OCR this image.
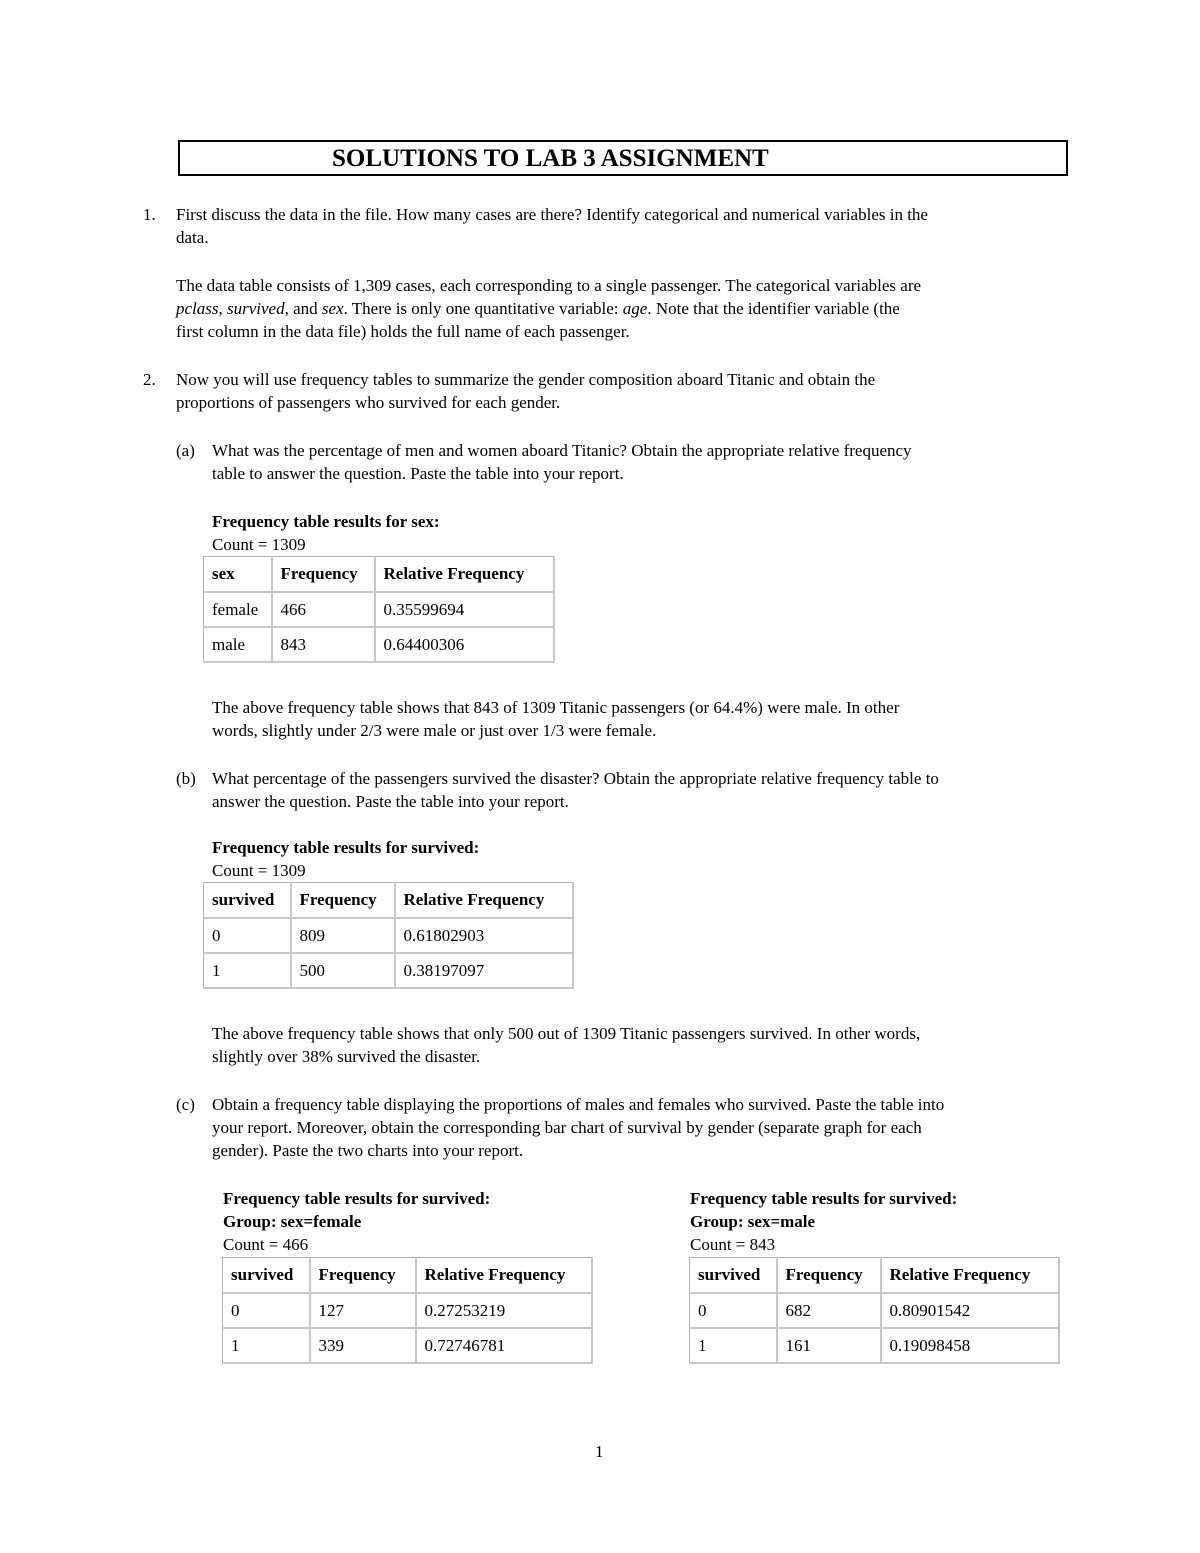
SOLUTIONS TO LAB 3 ASSIGNMENT
1. First discuss the data in the file. How many cases are there? Identify categorical and numerical variables in the
data.
The data table consists of 1,309 cases, each corresponding to a single passenger. The categorical variables are
pclass, survived, and sex. There is only one quantitative variable: age. Note that the identifier variable (the
first column in the data file) holds the full name of each passenger.
2. Now you will use frequency tables to summarize the gender composition aboard Titanic and obtain the
proportions of passengers who survived for each gender.
(a) What was the percentage of men and women aboard Titanic? Obtain the appropriate relative frequency
table to answer the question. Paste the table into your report.
Frequency table results for sex:
Count = 1309
sex	Frequency	Relative Frequency
female	466	0.35599694
male	843	0.64400306
The above frequency table shows that 843 of 1309 Titanic passengers (or 64.4%) were male. In other
words, slightly under 2/3 were male or just over 1/3 were female.
(b) What percentage of the passengers survived the disaster? Obtain the appropriate relative frequency table to
answer the question. Paste the table into your report.
Frequency table results for survived:
Count = 1309
survived	Frequency	Relative Frequency
0	809	0.61802903
1	500	0.38197097
The above frequency table shows that only 500 out of 1309 Titanic passengers survived. In other words,
slightly over 38% survived the disaster.
(c) Obtain a frequency table displaying the proportions of males and females who survived. Paste the table into
your report. Moreover, obtain the corresponding bar chart of survival by gender (separate graph for each
gender). Paste the two charts into your report.
Frequency table results for survived:
Group: sex=female
Count = 466
survived	Frequency	Relative Frequency
0	127	0.27253219
1	339	0.72746781
Frequency table results for survived:
Group: sex=male
Count = 843
survived	Frequency	Relative Frequency
0	682	0.80901542
1	161	0.19098458
1
